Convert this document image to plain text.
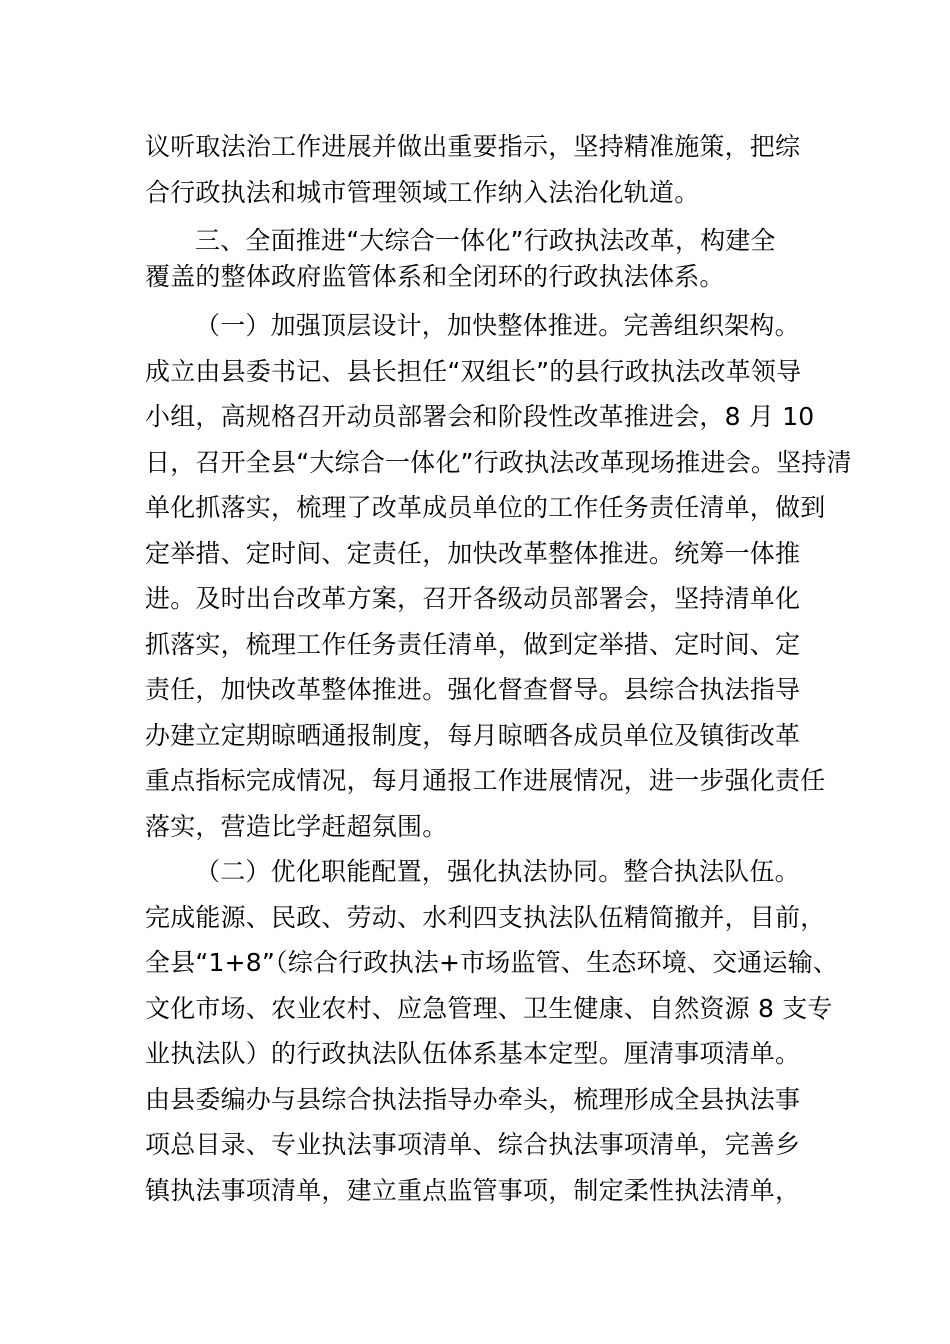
议听取法治工作进展并做出重要指示，坚持精准施策，把综
合行政执法和城市管理领域工作纳入法治化轨道。
三、全面推进“大综合一体化”行政执法改革，构建全
覆盖的整体政府监管体系和全闭环的行政执法体系。
（一）加强顶层设计，加快整体推进。完善组织架构。
成立由县委书记、县长担任“双组长”的县行政执法改革领导
小组，高规格召开动员部署会和阶段性改革推进会，8 月 10
日，召开全县“大综合一体化”行政执法改革现场推进会。坚持清
单化抓落实，梳理了改革成员单位的工作任务责任清单，做到
定举措、定时间、定责任，加快改革整体推进。统筹一体推
进。及时出台改革方案，召开各级动员部署会，坚持清单化
抓落实，梳理工作任务责任清单，做到定举措、定时间、定
责任，加快改革整体推进。强化督查督导。县综合执法指导
办建立定期晾晒通报制度，每月晾晒各成员单位及镇街改革
重点指标完成情况，每月通报工作进展情况，进一步强化责任
落实，营造比学赶超氛围。
（二）优化职能配置，强化执法协同。整合执法队伍。
完成能源、民政、劳动、水利四支执法队伍精简撤并，目前，
全县“1+8”（综合行政执法+市场监管、生态环境、交通运输、
文化市场、农业农村、应急管理、卫生健康、自然资源 8 支专
业执法队）的行政执法队伍体系基本定型。厘清事项清单。
由县委编办与县综合执法指导办牵头，梳理形成全县执法事
项总目录、专业执法事项清单、综合执法事项清单，完善乡
镇执法事项清单，建立重点监管事项，制定柔性执法清单，
